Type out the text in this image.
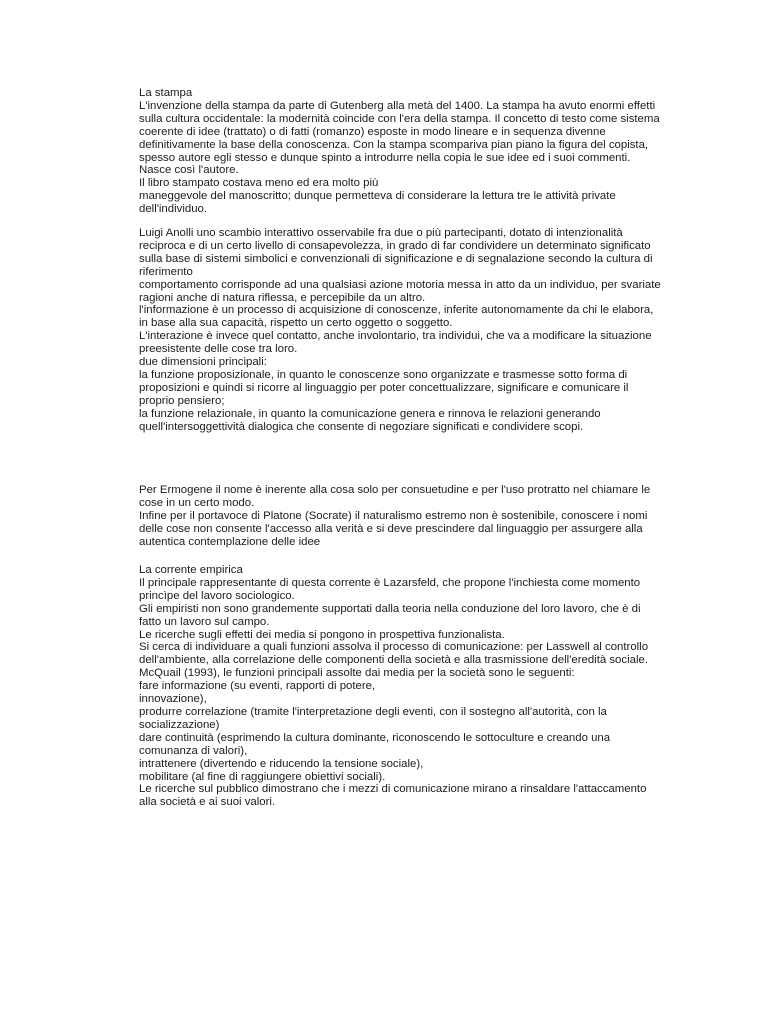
La stampa
L'invenzione della stampa da parte di Gutenberg alla metà del 1400. La stampa ha avuto enormi effetti
sulla cultura occidentale: la modernità coincide con l'era della stampa. Il concetto di testo come sistema
coerente di idee (trattato) o di fatti (romanzo) esposte in modo lineare e in sequenza divenne
definitivamente la base della conoscenza. Con la stampa scompariva pian piano la figura del copista,
spesso autore egli stesso e dunque spinto a introdurre nella copia le sue idee ed i suoi commenti.
Nasce così l'autore.
Il libro stampato costava meno ed era molto più
maneggevole del manoscritto; dunque permetteva di considerare la lettura tre le attività private
dell'individuo.
Luigi Anolli uno scambio interattivo osservabile fra due o più partecipanti, dotato di intenzionalità
reciproca e di un certo livello di consapevolezza, in grado di far condividere un determinato significato
sulla base di sistemi simbolici e convenzionali di significazione e di segnalazione secondo la cultura di
riferimento
comportamento corrisponde ad una qualsiasi azione motoria messa in atto da un individuo, per svariate
ragioni anche di natura riflessa, e percepibile da un altro.
l'informazione è un processo di acquisizione di conoscenze, inferite autonomamente da chi le elabora,
in base alla sua capacità, rispetto un certo oggetto o soggetto.
L'interazione è invece quel contatto, anche involontario, tra individui, che va a modificare la situazione
preesistente delle cose tra loro.
due dimensioni principali:
la funzione proposizionale, in quanto le conoscenze sono organizzate e trasmesse sotto forma di
proposizioni e quindi si ricorre al linguaggio per poter concettualizzare, significare e comunicare il
proprio pensiero;
la funzione relazionale, in quanto la comunicazione genera e rinnova le relazioni generando
quell'intersoggettività dialogica che consente di negoziare significati e condividere scopi.
Per Ermogene il nome è inerente alla cosa solo per consuetudine e per l'uso protratto nel chiamare le
cose in un certo modo.
Infine per il portavoce di Platone (Socrate) il naturalismo estremo non è sostenibile, conoscere i nomi
delle cose non consente l'accesso alla verità e si deve prescindere dal linguaggio per assurgere alla
autentica contemplazione delle idee
La corrente empirica
Il principale rappresentante di questa corrente è Lazarsfeld, che propone l'inchiesta come momento
princìpe del lavoro sociologico.
Gli empiristi non sono grandemente supportati dalla teoria nella conduzione del loro lavoro, che è di
fatto un lavoro sul campo.
Le ricerche sugli effetti dei media si pongono in prospettiva funzionalista.
Si cerca di individuare a quali funzioni assolva il processo di comunicazione: per Lasswell al controllo
dell'ambiente, alla correlazione delle componenti della società e alla trasmissione dell'eredità sociale.
McQuail (1993), le funzioni principali assolte dai media per la società sono le seguenti:
fare informazione (su eventi, rapporti di potere,
innovazione),
produrre correlazione (tramite l'interpretazione degli eventi, con il sostegno all'autorità, con la
socializzazione)
dare continuità (esprimendo la cultura dominante, riconoscendo le sottoculture e creando una
comunanza di valori),
intrattenere (divertendo e riducendo la tensione sociale),
mobilitare (al fine di raggiungere obiettivi sociali).
Le ricerche sul pubblico dimostrano che i mezzi di comunicazione mirano a rinsaldare l'attaccamento
alla società e ai suoi valori.
